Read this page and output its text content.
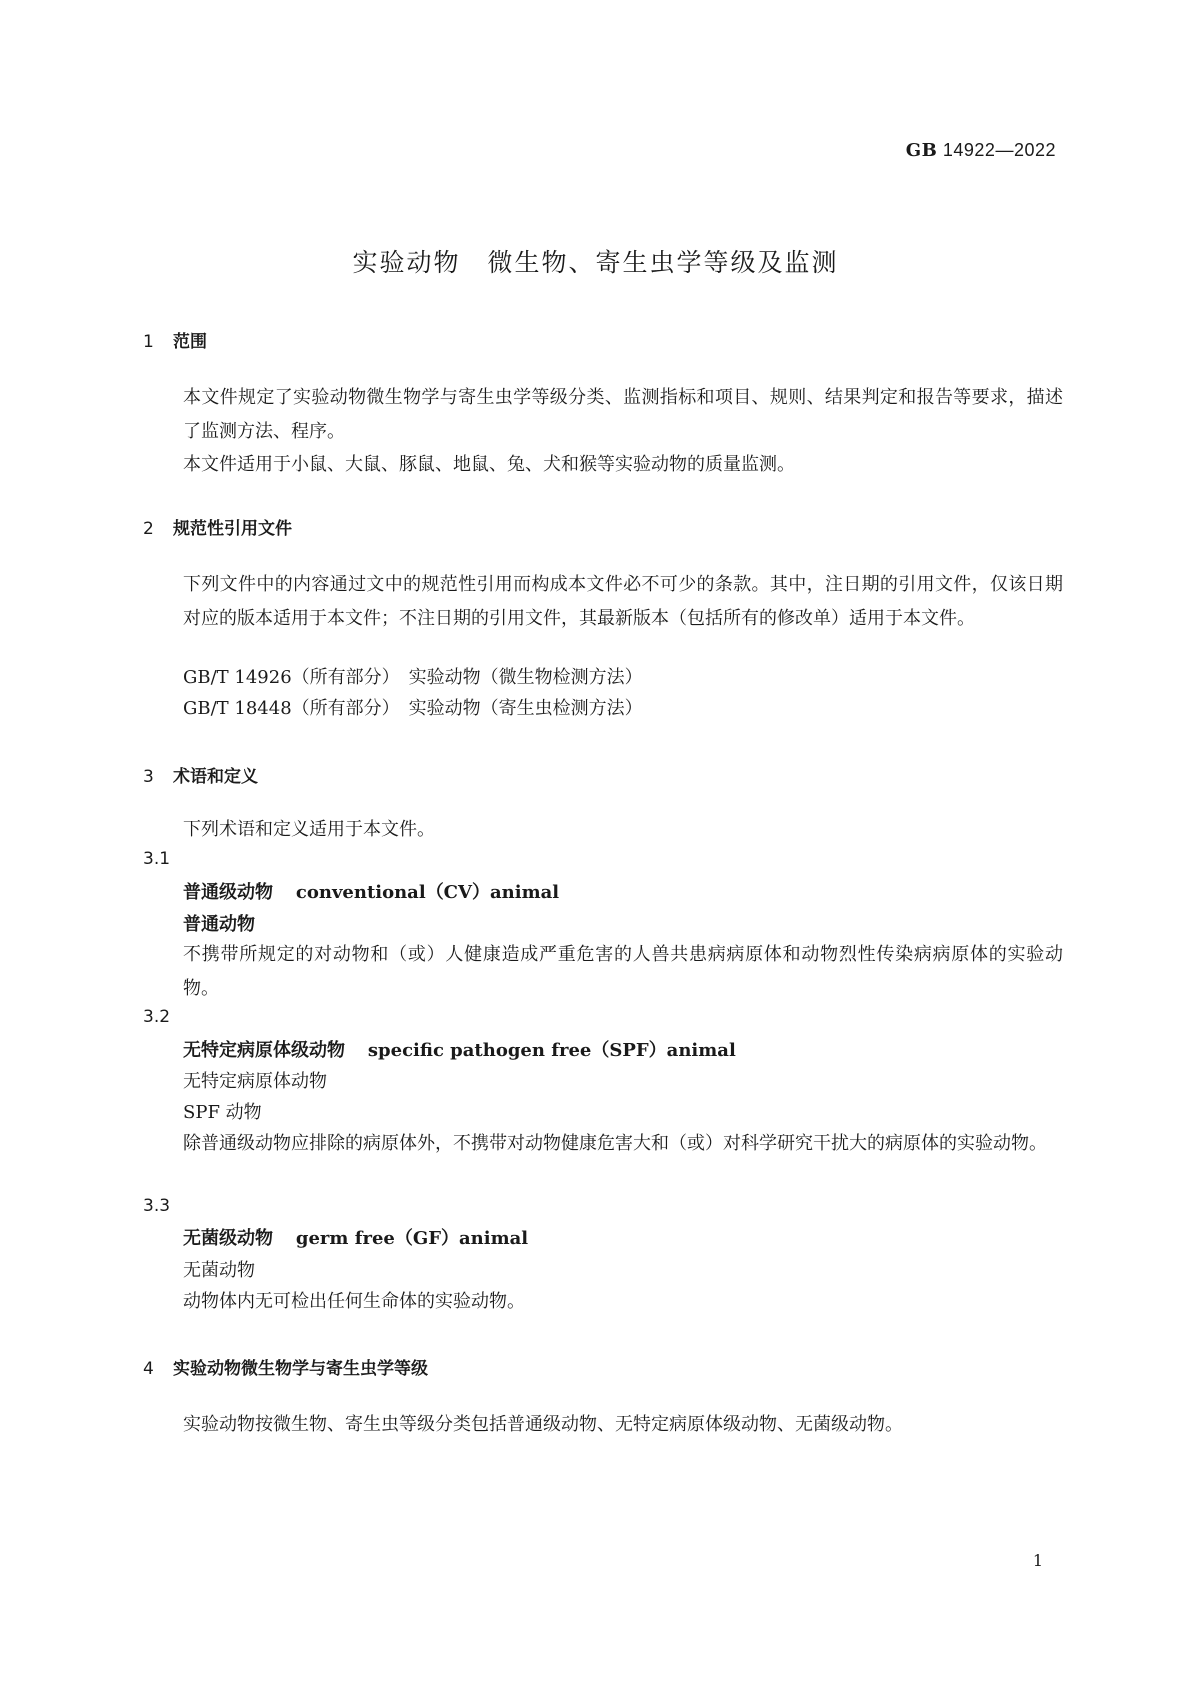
GB 14922—2022
实验动物　微生物、寄生虫学等级及监测
1 范围
本文件规定了实验动物微生物学与寄生虫学等级分类、监测指标和项目、规则、结果判定和报告等要求，描述了监测方法、程序。
本文件适用于小鼠、大鼠、豚鼠、地鼠、兔、犬和猴等实验动物的质量监测。
2 规范性引用文件
下列文件中的内容通过文中的规范性引用而构成本文件必不可少的条款。其中，注日期的引用文件，仅该日期对应的版本适用于本文件；不注日期的引用文件，其最新版本（包括所有的修改单）适用于本文件。
GB/T 14926（所有部分）　实验动物（微生物检测方法）
GB/T 18448（所有部分）　实验动物（寄生虫检测方法）
3 术语和定义
下列术语和定义适用于本文件。
3.1
普通级动物 conventional（CV）animal
普通动物
不携带所规定的对动物和（或）人健康造成严重危害的人兽共患病病原体和动物烈性传染病病原体的实验动物。
3.2
无特定病原体级动物 specific pathogen free（SPF）animal
无特定病原体动物
SPF 动物
除普通级动物应排除的病原体外，不携带对动物健康危害大和（或）对科学研究干扰大的病原体的实验动物。
3.3
无菌级动物 germ free（GF）animal
无菌动物
动物体内无可检出任何生命体的实验动物。
4 实验动物微生物学与寄生虫学等级
实验动物按微生物、寄生虫等级分类包括普通级动物、无特定病原体级动物、无菌级动物。
1
